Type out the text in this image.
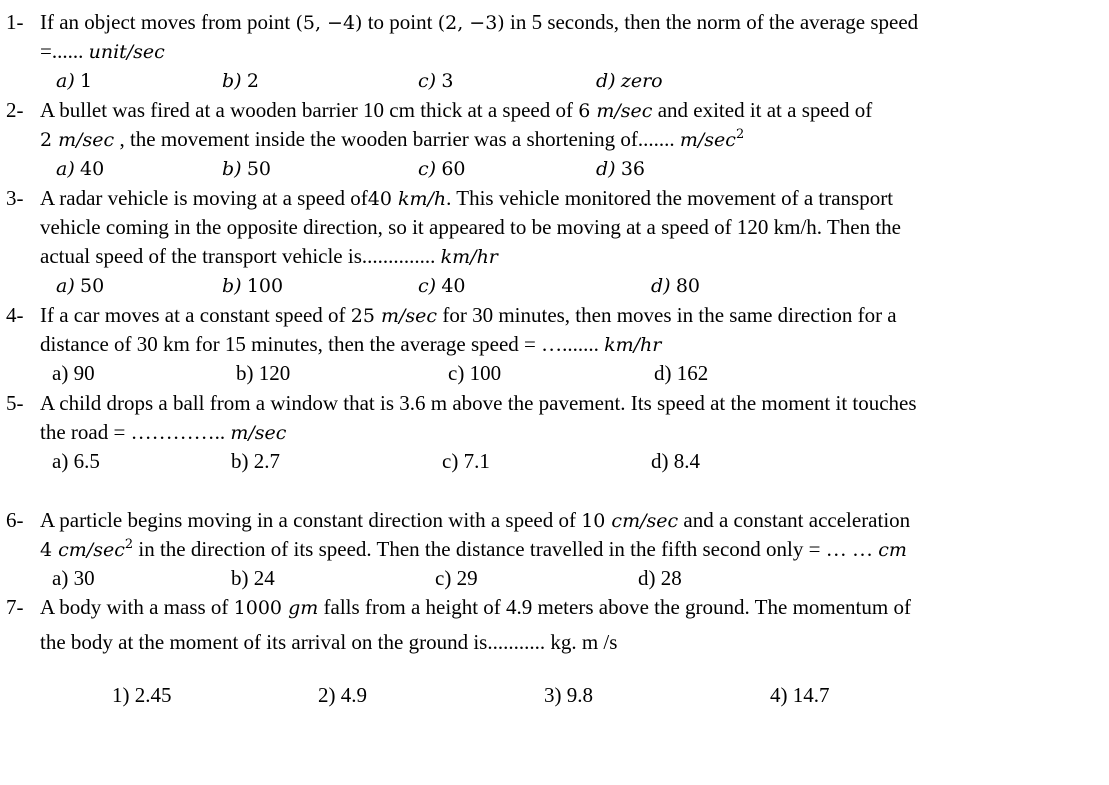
1- If an object moves from point (5, −4) to point (2, −3) in 5 seconds, then the norm of the average speed
=...... unit/sec
a) 1	b) 2	c) 3	d) zero
2- A bullet was fired at a wooden barrier 10 cm thick at a speed of 6 m/sec and exited it at a speed of
2 m/sec , the movement inside the wooden barrier was a shortening of....... $m/\sec^2$
a) 40	b) 50	c) 60	d) 36
3- A radar vehicle is moving at a speed of40 km/h. This vehicle monitored the movement of a transport
vehicle coming in the opposite direction, so it appeared to be moving at a speed of 120 km/h. Then the
actual speed of the transport vehicle is.............. km/hr
a) 50	b) 100	c) 40	d) 80
4- If a car moves at a constant speed of 25 m/sec for 30 minutes, then moves in the same direction for a
distance of 30 km for 15 minutes, then the average speed = …....... km/hr
a) 90	b) 120	c) 100	d) 162
5- A child drops a ball from a window that is 3.6 m above the pavement. Its speed at the moment it touches
the road = ………….. m/sec
a) 6.5	b) 2.7	c) 7.1	d) 8.4
6- A particle begins moving in a constant direction with a speed of 10 cm/sec and a constant acceleration
4 $cm/\sec^2$ in the direction of its speed. Then the distance travelled in the fifth second only = … … cm
a) 30	b) 24	c) 29	d) 28
7- A body with a mass of 1000 gm falls from a height of 4.9 meters above the ground. The momentum of
the body at the moment of its arrival on the ground is........... kg. m /s
1) 2.45	2) 4.9	3) 9.8	4) 14.7
